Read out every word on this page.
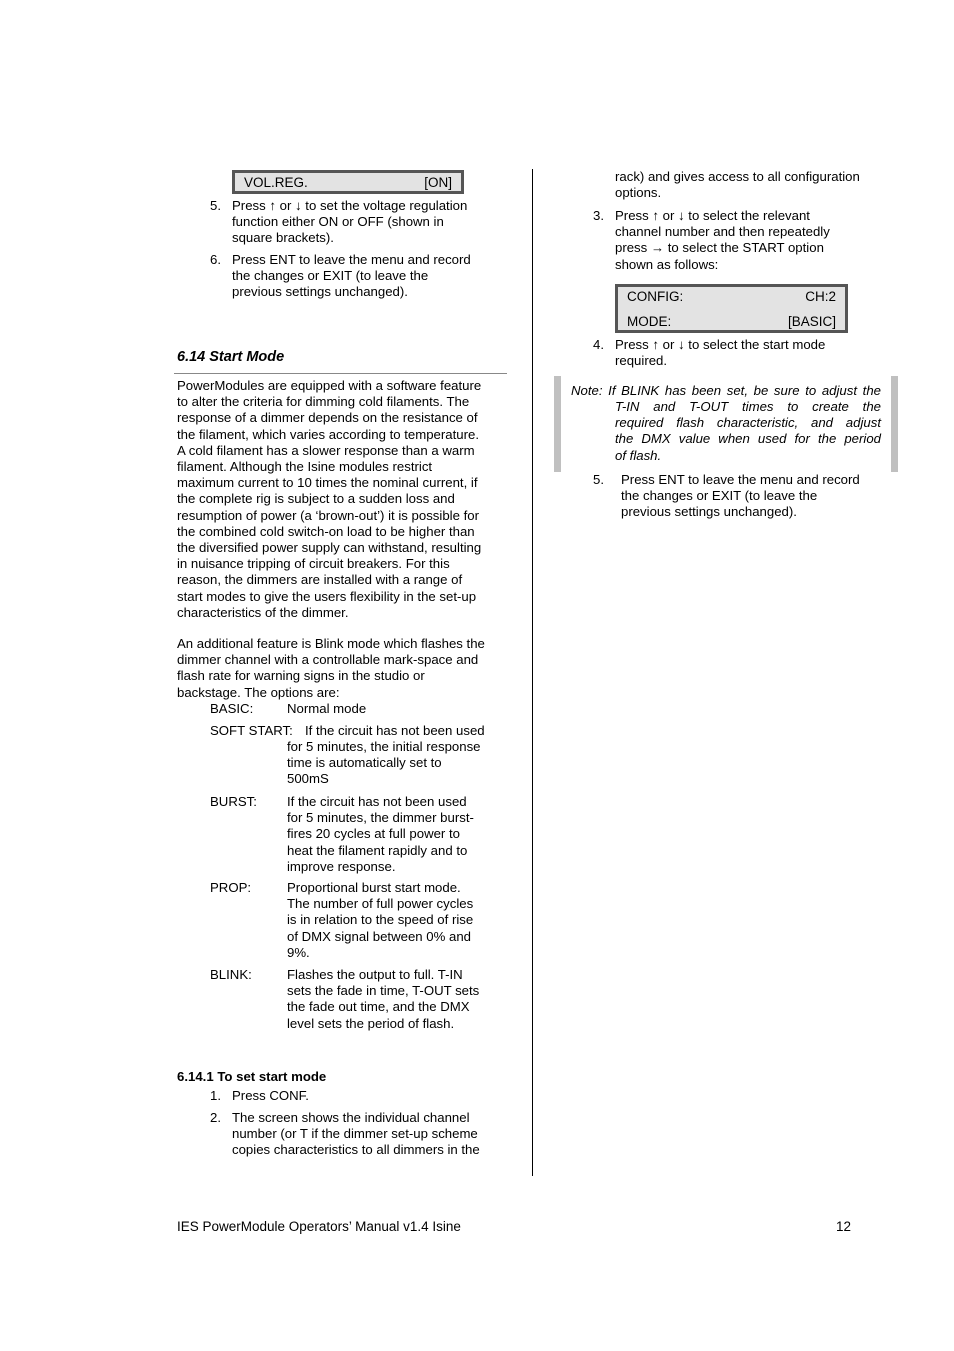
VOL.REG.	[ON]
5. Press ↑ or ↓ to set the voltage regulation
function either ON or OFF (shown in
square brackets).
6. Press ENT to leave the menu and record
the changes or EXIT (to leave the
previous settings unchanged).
6.14 Start Mode
PowerModules are equipped with a software feature
to alter the criteria for dimming cold filaments. The
response of a dimmer depends on the resistance of
the filament, which varies according to temperature.
A cold filament has a slower response than a warm
filament. Although the Isine modules restrict
maximum current to 10 times the nominal current, if
the complete rig is subject to a sudden loss and
resumption of power (a ‘brown-out’) it is possible for
the combined cold switch-on load to be higher than
the diversified power supply can withstand, resulting
in nuisance tripping of circuit breakers. For this
reason, the dimmers are installed with a range of
start modes to give the users flexibility in the set-up
characteristics of the dimmer.
An additional feature is Blink mode which flashes the
dimmer channel with a controllable mark-space and
flash rate for warning signs in the studio or
backstage. The options are:
BASIC:	Normal mode
SOFT START: If the circuit has not been used
for 5 minutes, the initial response
time is automatically set to
500mS
BURST: If the circuit has not been used
for 5 minutes, the dimmer burst-
fires 20 cycles at full power to
heat the filament rapidly and to
improve response.
PROP:	Proportional burst start mode.
The number of full power cycles
is in relation to the speed of rise
of DMX signal between 0% and
9%.
BLINK:	Flashes the output to full. T-IN
sets the fade in time, T-OUT sets
the fade out time, and the DMX
level sets the period of flash.
6.14.1 To set start mode
1. Press CONF.
2. The screen shows the individual channel
number (or T if the dimmer set-up scheme
copies characteristics to all dimmers in the
rack) and gives access to all configuration
options.
3. Press ↑ or ↓ to select the relevant
channel number and then repeatedly
press → to select the START option
shown as follows:
CONFIG:	CH:2
MODE:	[BASIC]
4. Press ↑ or ↓ to select the start mode
required.
Note: If BLINK has been set, be sure to adjust the
T-IN and T-OUT times to create the
required flash characteristic, and adjust
the DMX value when used for the period
of flash.
5. Press ENT to leave the menu and record
the changes or EXIT (to leave the
previous settings unchanged).
IES PowerModule Operators’ Manual v1.4 Isine	12
